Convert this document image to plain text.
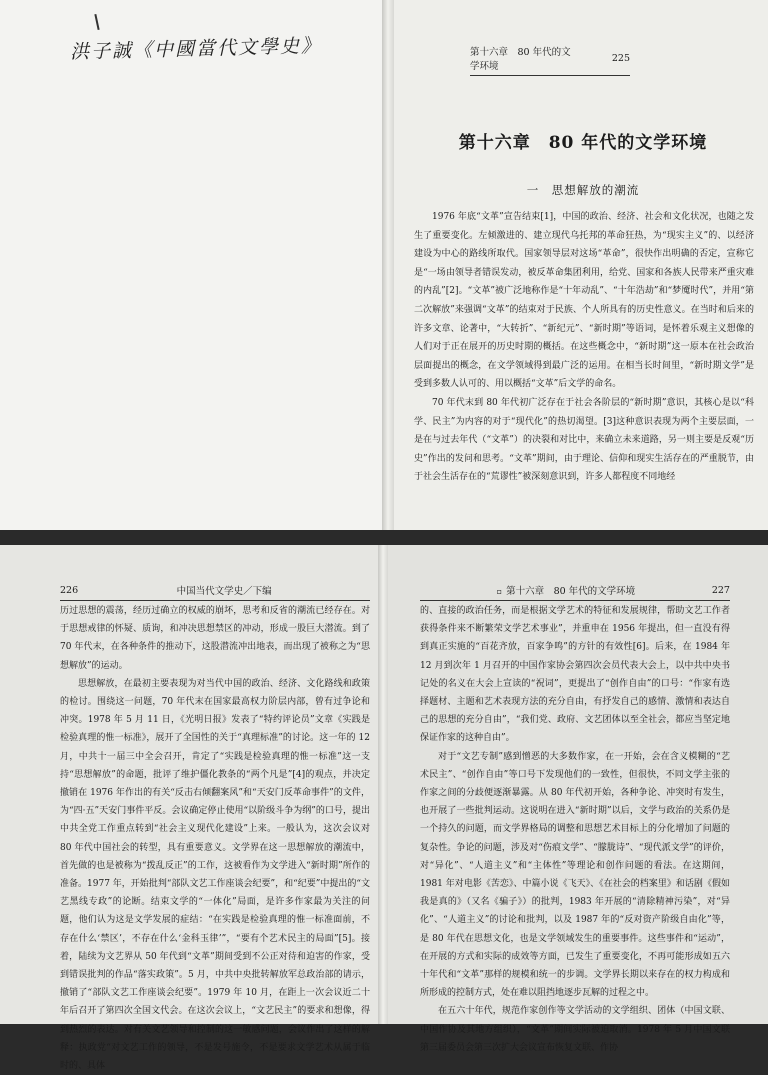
洪子誠《中國當代文學史》	第十六章　80 年代的文学环境
225
第十六章　80 年代的文学环境
一　思想解放的潮流

1976 年底“文革”宣告结束[1]，中国的政治、经济、社会和文化状况，也随之发生了重要变化。左倾激进的、建立现代乌托邦的革命狂热，为“现实主义”的、以经济建设为中心的路线所取代。国家领导层对这场“革命”，很快作出明确的否定，宣称它是“一场由领导者错误发动，被反革命集团利用，给党、国家和各族人民带来严重灾难的内乱”[2]。“文革”被广泛地称作是“十年动乱”、“十年浩劫”和“梦魇时代”，并用“第二次解放”来强调“文革”的结束对于民族、个人所具有的历史性意义。在当时和后来的许多文章、论著中，“大转折”、“新纪元”、“新时期”等语词，是怀着乐观主义想像的人们对于正在展开的历史时期的概括。在这些概念中，“新时期”这一原本在社会政治层面提出的概念，在文学领域得到最广泛的运用。在相当长时间里，“新时期文学”是受到多数人认可的、用以概括“文革”后文学的命名。

70 年代末到 80 年代初广泛存在于社会各阶层的“新时期”意识，其核心是以“科学、民主”为内容的对于“现代化”的热切渴望。[3]这种意识表现为两个主要层面，一是在与过去年代（“文革”）的决裂和对比中，来确立未来道路，另一则主要是反观“历史”作出的发问和思考。“文革”期间，由于理论、信仰和现实生活存在的严重脱节，由于社会生活存在的“荒谬性”被深刻意识到，许多人都程度不同地经

226	中国当代文学史／下编

历过思想的震荡，经历过确立的权威的崩坏，思考和反省的潮流已经存在。对于思想戒律的怀疑、质询，和冲决思想禁区的冲动，形成一股巨大潜流。到了 70 年代末，在各种条件的推动下，这股潜流冲出地表，而出现了被称之为“思想解放”的运动。

思想解放，在最初主要表现为对当代中国的政治、经济、文化路线和政策的检讨。围绕这一问题，70 年代末在国家最高权力阶层内部，曾有过争论和冲突。1978 年 5 月 11 日，《光明日报》发表了“特约评论员”文章《实践是检验真理的惟一标准》，展开了全国性的关于“真理标准”的讨论。这一年的 12 月，中共十一届三中全会召开，肯定了“实践是检验真理的惟一标准”这一支持“思想解放”的命题，批评了维护僵化教条的“两个凡是”[4]的观点，并决定撤销在 1976 年作出的有关“反击右倾翻案风”和“天安门反革命事件”的文件，为“四·五”天安门事件平反。会议确定停止使用“以阶级斗争为纲”的口号，提出中共全党工作重点转到“社会主义现代化建设”上来。一般认为，这次会议对 80 年代中国社会的转型，具有重要意义。文学界在这一思想解放的潮流中，首先做的也是被称为“拨乱反正”的工作，这被看作为文学进入“新时期”所作的准备。1977 年，开始批判“部队文艺工作座谈会纪要”，和“纪要”中提出的“文艺黑线专政”的论断。结束文学的“一体化”局面，是许多作家最为关注的问题，他们认为这是文学发展的症结：“在实践是检验真理的惟一标准面前，不存在什么‘禁区’，不存在什么‘金科玉律’”，“要有个艺术民主的局面”[5]。接着，陆续为文艺界从 50 年代到“文革”期间受到不公正对待和迫害的作家，受到错误批判的作品“落实政策”。5 月，中共中央批转解放军总政治部的请示，撤销了“部队文艺工作座谈会纪要”。1979 年 10 月，在距上一次会议近二十年后召开了第四次全国文代会。在这次会议上，“文艺民主”的要求和想像，得到热烈的表达。对有关文艺领导和控制的这一敏感问题，会议作出了这样的解释：执政党“对文艺工作的领导，不是发号施令，不是要求文学艺术从属于临时的、具体

▫ 第十六章　80 年代的文学环境	227

的、直接的政治任务，而是根据文学艺术的特征和发展规律，帮助文艺工作者获得条件来不断繁荣文学艺术事业”，并重申在 1956 年提出，但一直没有得到真正实施的“百花齐放，百家争鸣”的方针的有效性[6]。后来，在 1984 年 12 月到次年 1 月召开的中国作家协会第四次会员代表大会上，以中共中央书记处的名义在大会上宣读的“祝词”，更提出了“创作自由”的口号：“作家有选择题材、主题和艺术表现方法的充分自由，有抒发自己的感情、激情和表达自己的思想的充分自由”，“我们党、政府、文艺团体以至全社会，都应当坚定地保证作家的这种自由”。

对于“文艺专制”感到憎恶的大多数作家，在一开始，会在含义模糊的“艺术民主”、“创作自由”等口号下发现他们的一致性，但很快，不同文学主张的作家之间的分歧便逐渐暴露。从 80 年代初开始，各种争论、冲突时有发生，也开展了一些批判运动。这说明在进入“新时期”以后，文学与政治的关系仍是一个持久的问题，而文学界格局的调整和思想艺术目标上的分化增加了问题的复杂性。争论的问题，涉及对“伤痕文学”、“朦胧诗”、“现代派文学”的评价，对“异化”、“人道主义”和“主体性”等理论和创作问题的看法。在这期间，1981 年对电影《苦恋》、中篇小说《飞天》、《在社会的档案里》和话剧《假如我是真的》（又名《骗子》）的批判，1983 年开展的“清除精神污染”，对“异化”、“人道主义”的讨论和批判，以及 1987 年的“反对资产阶级自由化”等，是 80 年代在思想文化，也是文学领域发生的重要事件。这些事件和“运动”，在开展的方式和实际的成效等方面，已发生了重要变化，不再可能形成如五六十年代和“文革”那样的规模和统一的步调。文学界长期以来存在的权力构成和所形成的控制方式，处在难以阻挡地逐步瓦解的过程之中。

在五六十年代，规范作家创作等文学活动的文学组织、团体（中国文联、中国作协及其地方组织），“文革”期间实际被迫取消。1978 年 5 月中国文联第三届委员会第三次扩大会议宣布恢复文联、作协
